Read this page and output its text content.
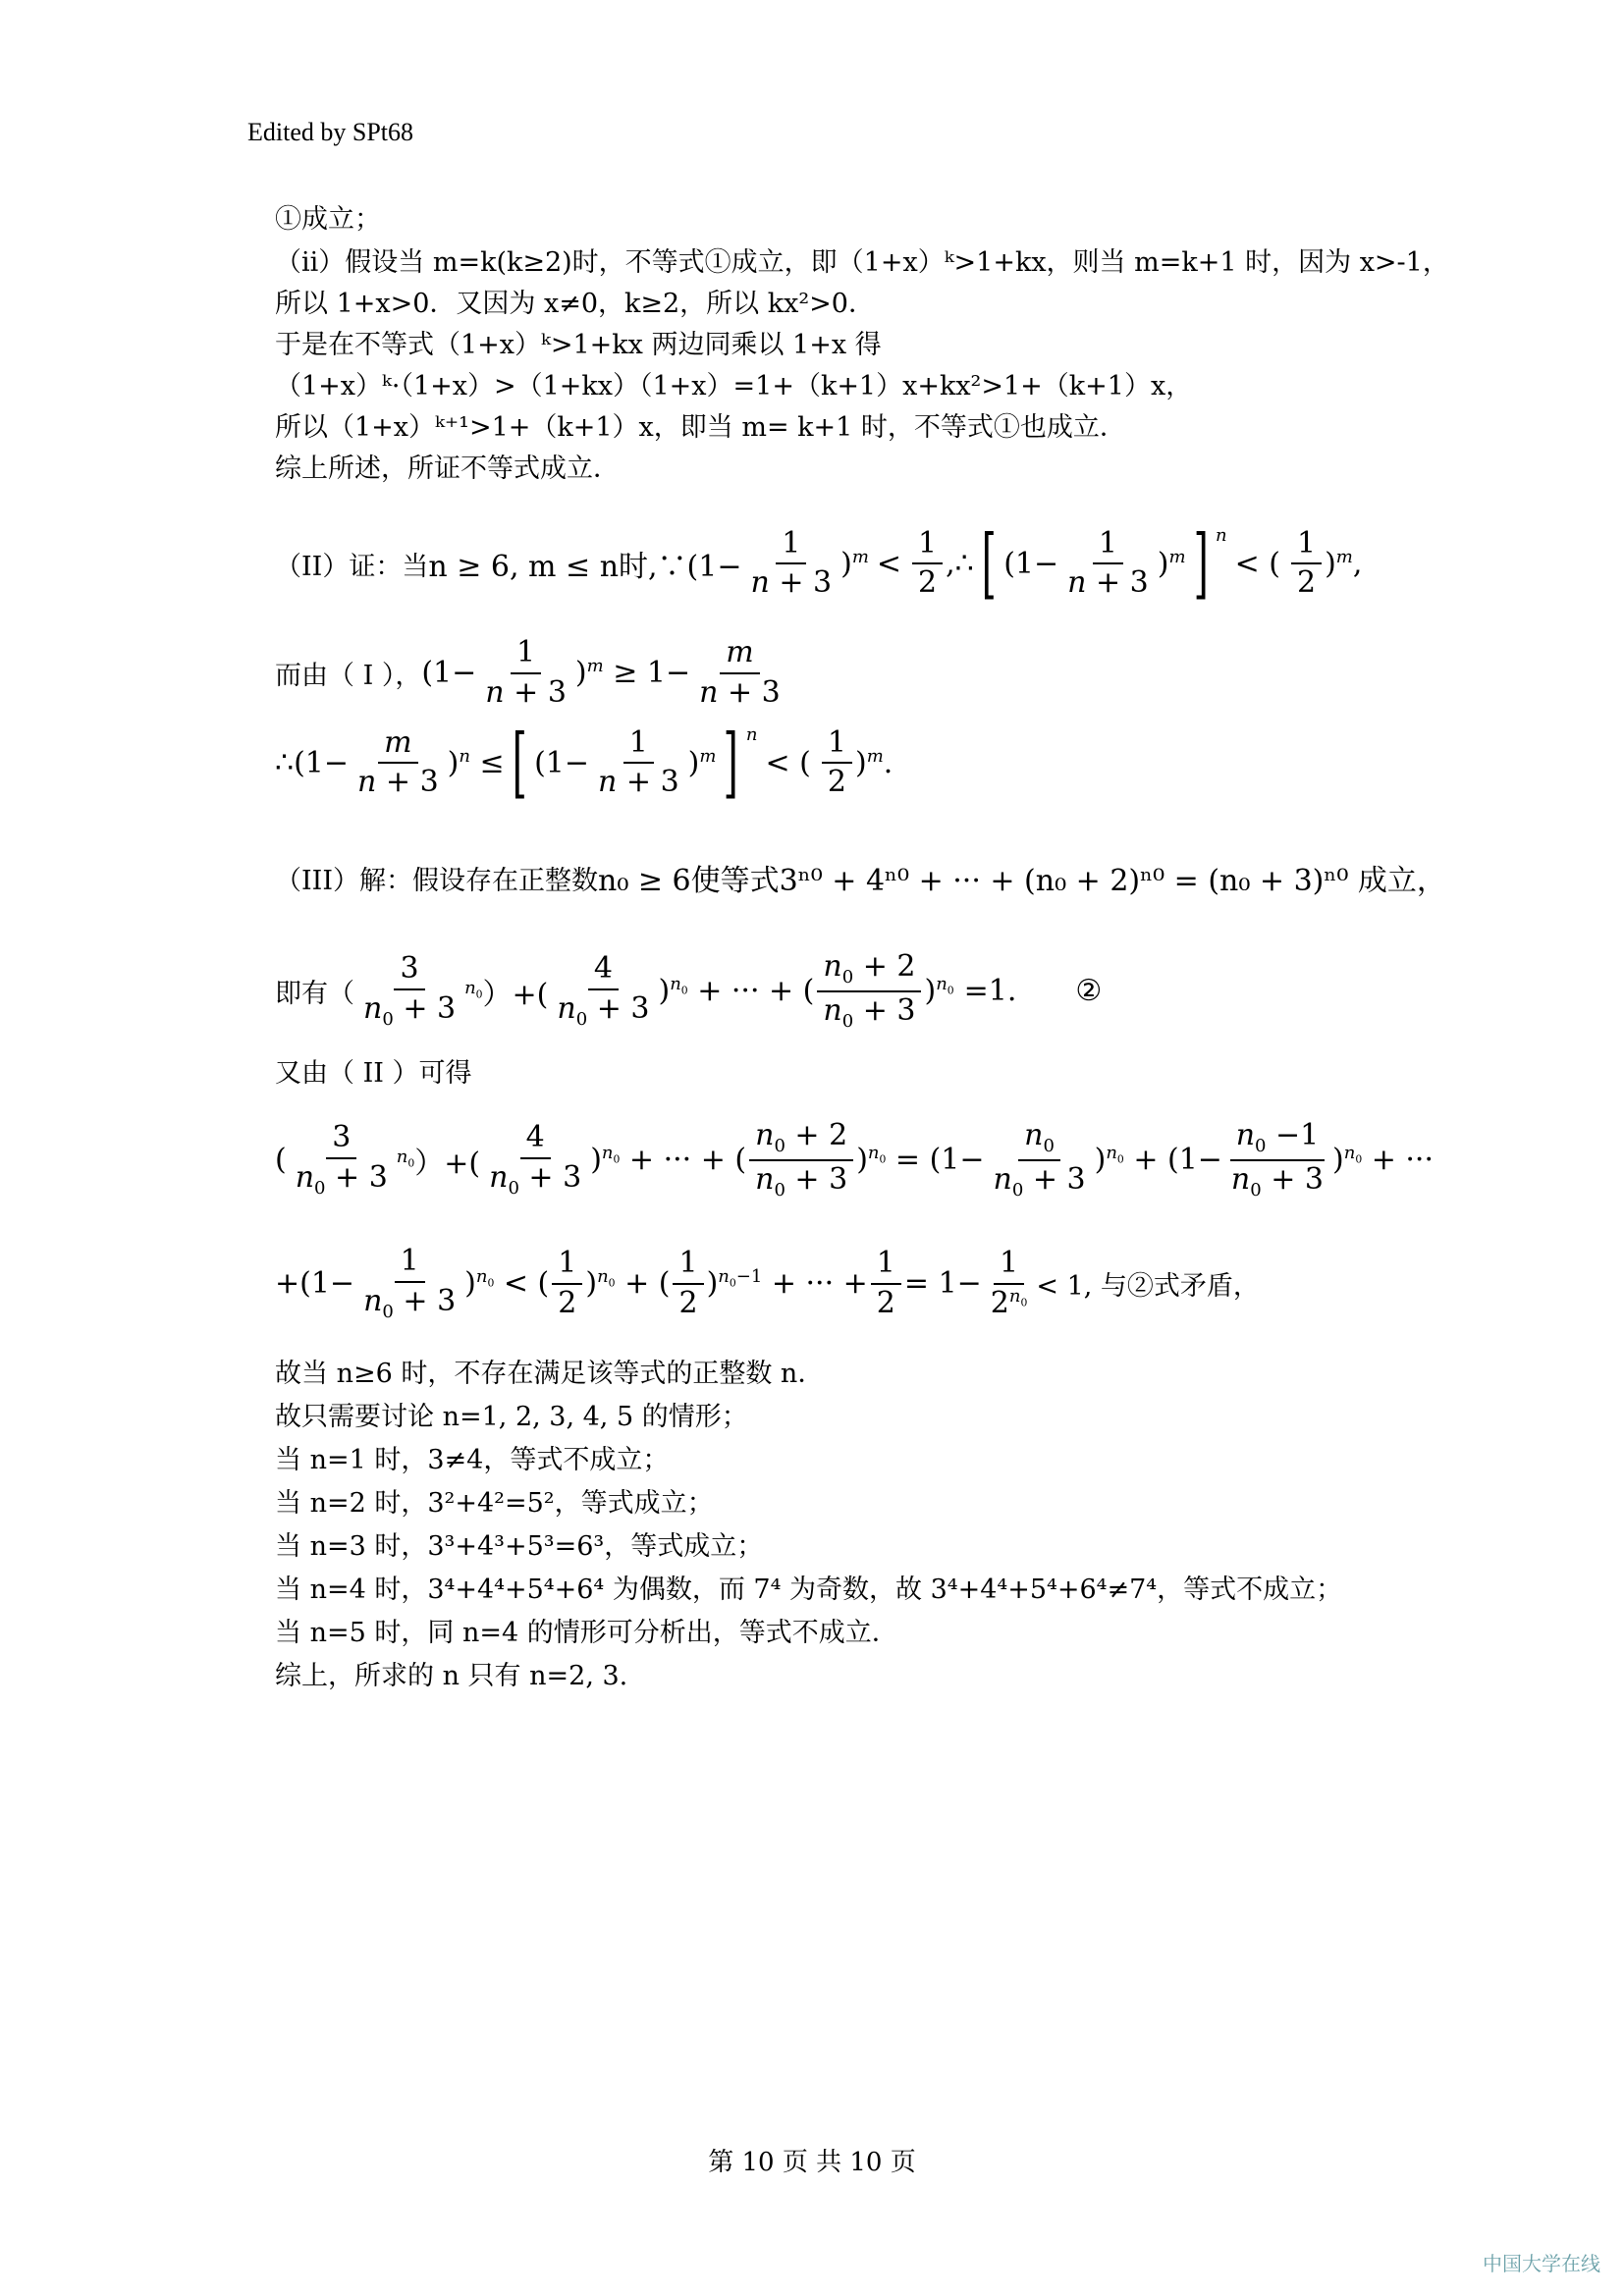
Edited by SPt68
①成立；
（ii）假设当 m=k(k≥2)时，不等式①成立，即（1+x）ᵏ>1+kx，则当 m=k+1 时，因为 x>-1，
所以 1+x>0．又因为 x≠0，k≥2，所以 kx²>0．
于是在不等式（1+x）ᵏ>1+kx 两边同乘以 1+x 得
（1+x）ᵏ·（1+x）>（1+kx）（1+x）=1+（k+1）x+kx²>1+（k+1）x，
所以（1+x）ᵏ⁺¹>1+（k+1）x，即当 m= k+1 时，不等式①也成立．
综上所述，所证不等式成立．
（II）证：当 n ≥ 6, m ≤ n时,∵(1− $\frac{1}{n + 3} )^m < \frac{1}{2}$ ,∴ [ $(1- \frac{1}{n + 3} )^m$ ] $^n$
< ( $\frac{1}{2} )^m$,
而由（ I ）， $(1- \frac{1}{n + 3} )^m \ge 1- \frac{m}{n + 3}$
∴ $(1- \frac{m}{n + 3} )^n$ ≤ [ $(1- \frac{1}{n + 3} )^m$ ] $^n$
< ( $\frac{1}{2} )^m$.
（III）解：假设存在正整数 n₀ ≥ 6使等式3ⁿ⁰ + 4ⁿ⁰ + ··· + (n₀ + 2)ⁿ⁰ = (n₀ + 3)ⁿ⁰ 成立，
即有（ $\frac{3}{n_0 + 3} ^{n_0})+( \frac{4}{n_0 + 3} )^{n_0}$ + ··· + ( $\frac{n_0 + 2}{n_0 + 3} )^{n_0} =1$. ②
又由（ II ）可得
( $\frac{3}{n_0 + 3} ^{n_0})+( \frac{4}{n_0 + 3} )^{n_0}$ + ··· + ( $\frac{n_0 + 2}{n_0 + 3} )^{n_0} = (1- \frac{n_0}{n_0 + 3} )^{n_0} + (1- \frac{n_0 -1}{n_0 + 3} )^{n_0}$ + ···
$+(1- \frac{1}{n_0 + 3} )^{n_0}$ < ( $\frac{1}{2} )^{n_0}$ + ( $\frac{1}{2} )^{n_0-1}$ + ··· + $\frac{1}{2} = 1- \frac{1}{2^{n_0}} < 1$, 与②式矛盾，
故当 n≥6 时，不存在满足该等式的正整数 n．
故只需要讨论 n=1, 2, 3, 4, 5 的情形；
当 n=1 时，3≠4，等式不成立；
当 n=2 时，3²+4²=5²，等式成立；
当 n=3 时，3³+4³+5³=6³，等式成立；
当 n=4 时，3⁴+4⁴+5⁴+6⁴ 为偶数，而 7⁴ 为奇数，故 3⁴+4⁴+5⁴+6⁴≠7⁴，等式不成立；
当 n=5 时，同 n=4 的情形可分析出，等式不成立．
综上，所求的 n 只有 n=2, 3.
第 10 页 共 10 页
中国大学在线
